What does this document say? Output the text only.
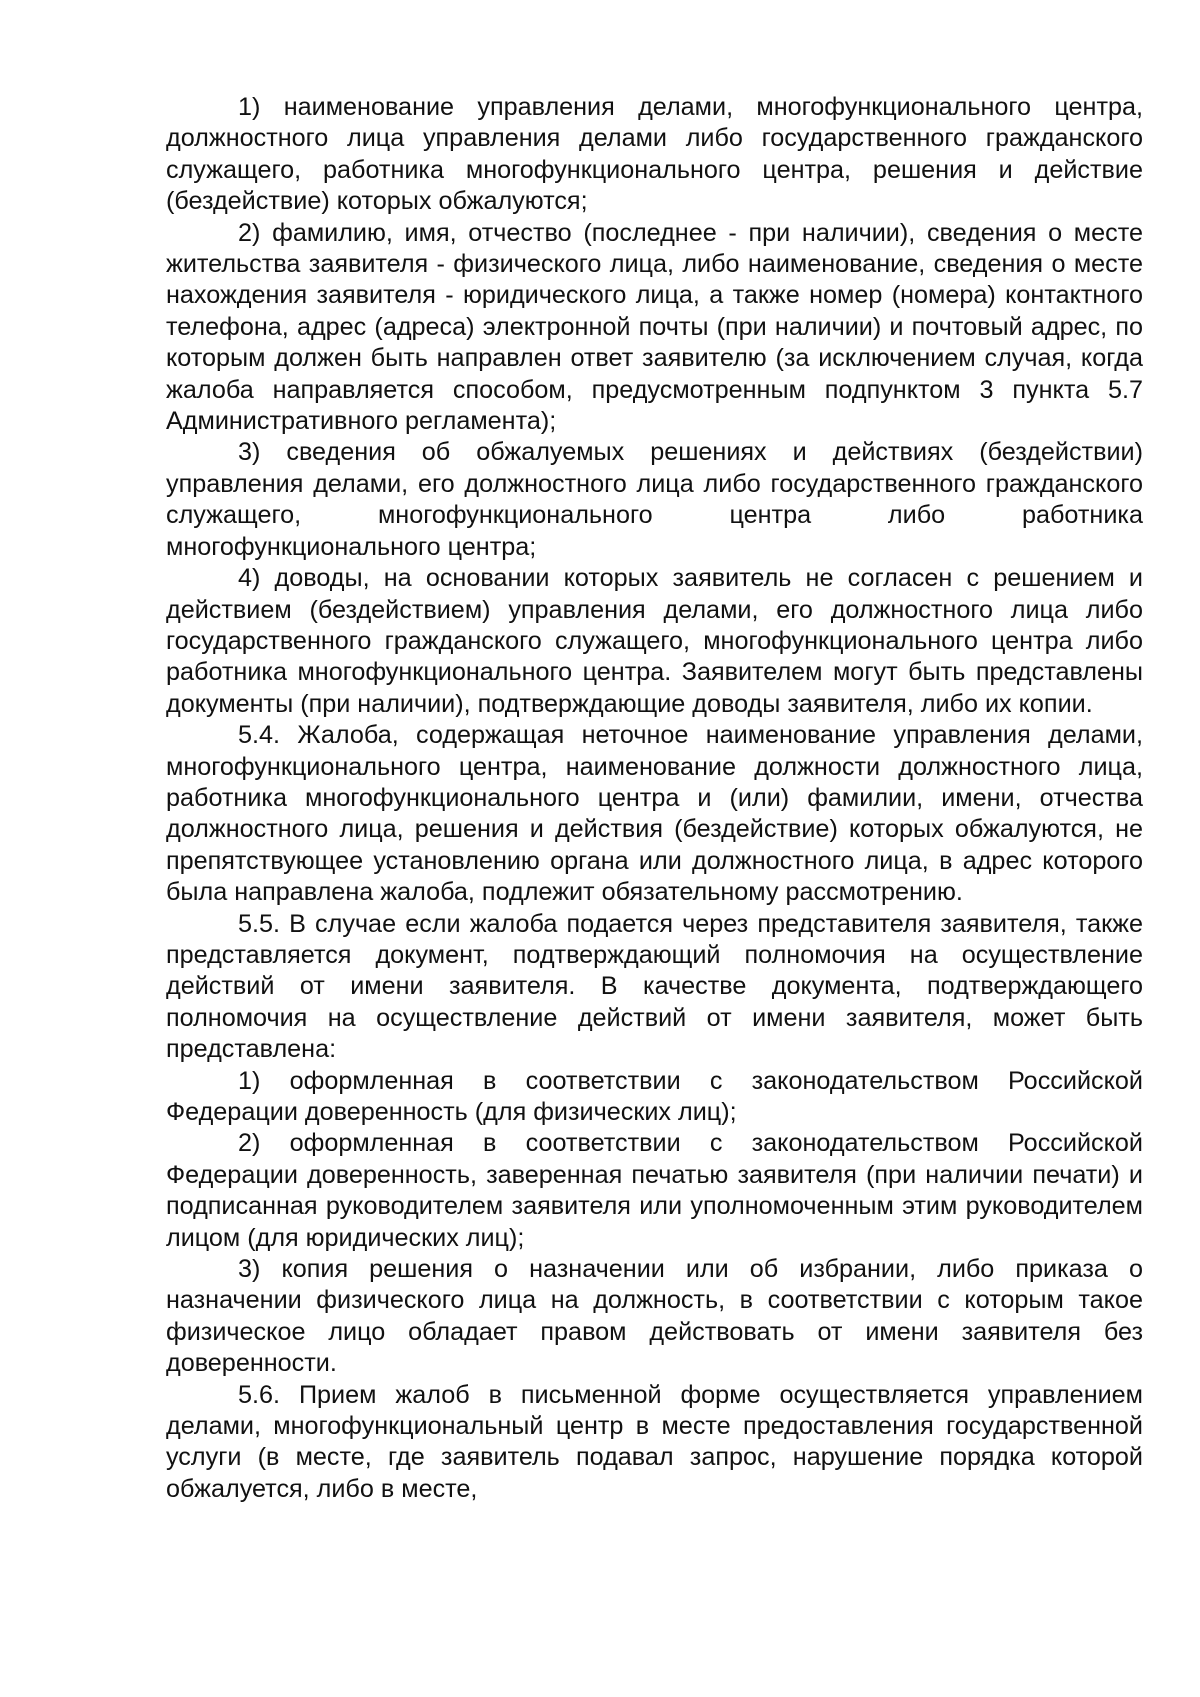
1) наименование управления делами, многофункционального центра, должностного лица управления делами либо государственного гражданского служащего, работника многофункционального центра, решения и действие (бездействие) которых обжалуются;

2) фамилию, имя, отчество (последнее - при наличии), сведения о месте жительства заявителя - физического лица, либо наименование, сведения о месте нахождения заявителя - юридического лица, а также номер (номера) контактного телефона, адрес (адреса) электронной почты (при наличии) и почтовый адрес, по которым должен быть направлен ответ заявителю (за исключением случая, когда жалоба направляется способом, предусмотренным подпунктом 3 пункта 5.7 Административного регламента);

3) сведения об обжалуемых решениях и действиях (бездействии) управления делами, его должностного лица либо государственного гражданского служащего, многофункционального центра либо работника многофункционального центра;

4) доводы, на основании которых заявитель не согласен с решением и действием (бездействием) управления делами, его должностного лица либо государственного гражданского служащего, многофункционального центра либо работника многофункционального центра. Заявителем могут быть представлены документы (при наличии), подтверждающие доводы заявителя, либо их копии.

5.4. Жалоба, содержащая неточное наименование управления делами, многофункционального центра, наименование должности должностного лица, работника многофункционального центра и (или) фамилии, имени, отчества должностного лица, решения и действия (бездействие) которых обжалуются, не препятствующее установлению органа или должностного лица, в адрес которого была направлена жалоба, подлежит обязательному рассмотрению.

5.5. В случае если жалоба подается через представителя заявителя, также представляется документ, подтверждающий полномочия на осуществление действий от имени заявителя. В качестве документа, подтверждающего полномочия на осуществление действий от имени заявителя, может быть представлена:

1) оформленная в соответствии с законодательством Российской Федерации доверенность (для физических лиц);

2) оформленная в соответствии с законодательством Российской Федерации доверенность, заверенная печатью заявителя (при наличии печати) и подписанная руководителем заявителя или уполномоченным этим руководителем лицом (для юридических лиц);

3) копия решения о назначении или об избрании, либо приказа о назначении физического лица на должность, в соответствии с которым такое физическое лицо обладает правом действовать от имени заявителя без доверенности.

5.6. Прием жалоб в письменной форме осуществляется управлением делами, многофункциональный центр в месте предоставления государственной услуги (в месте, где заявитель подавал запрос, нарушение порядка которой обжалуется, либо в месте,
